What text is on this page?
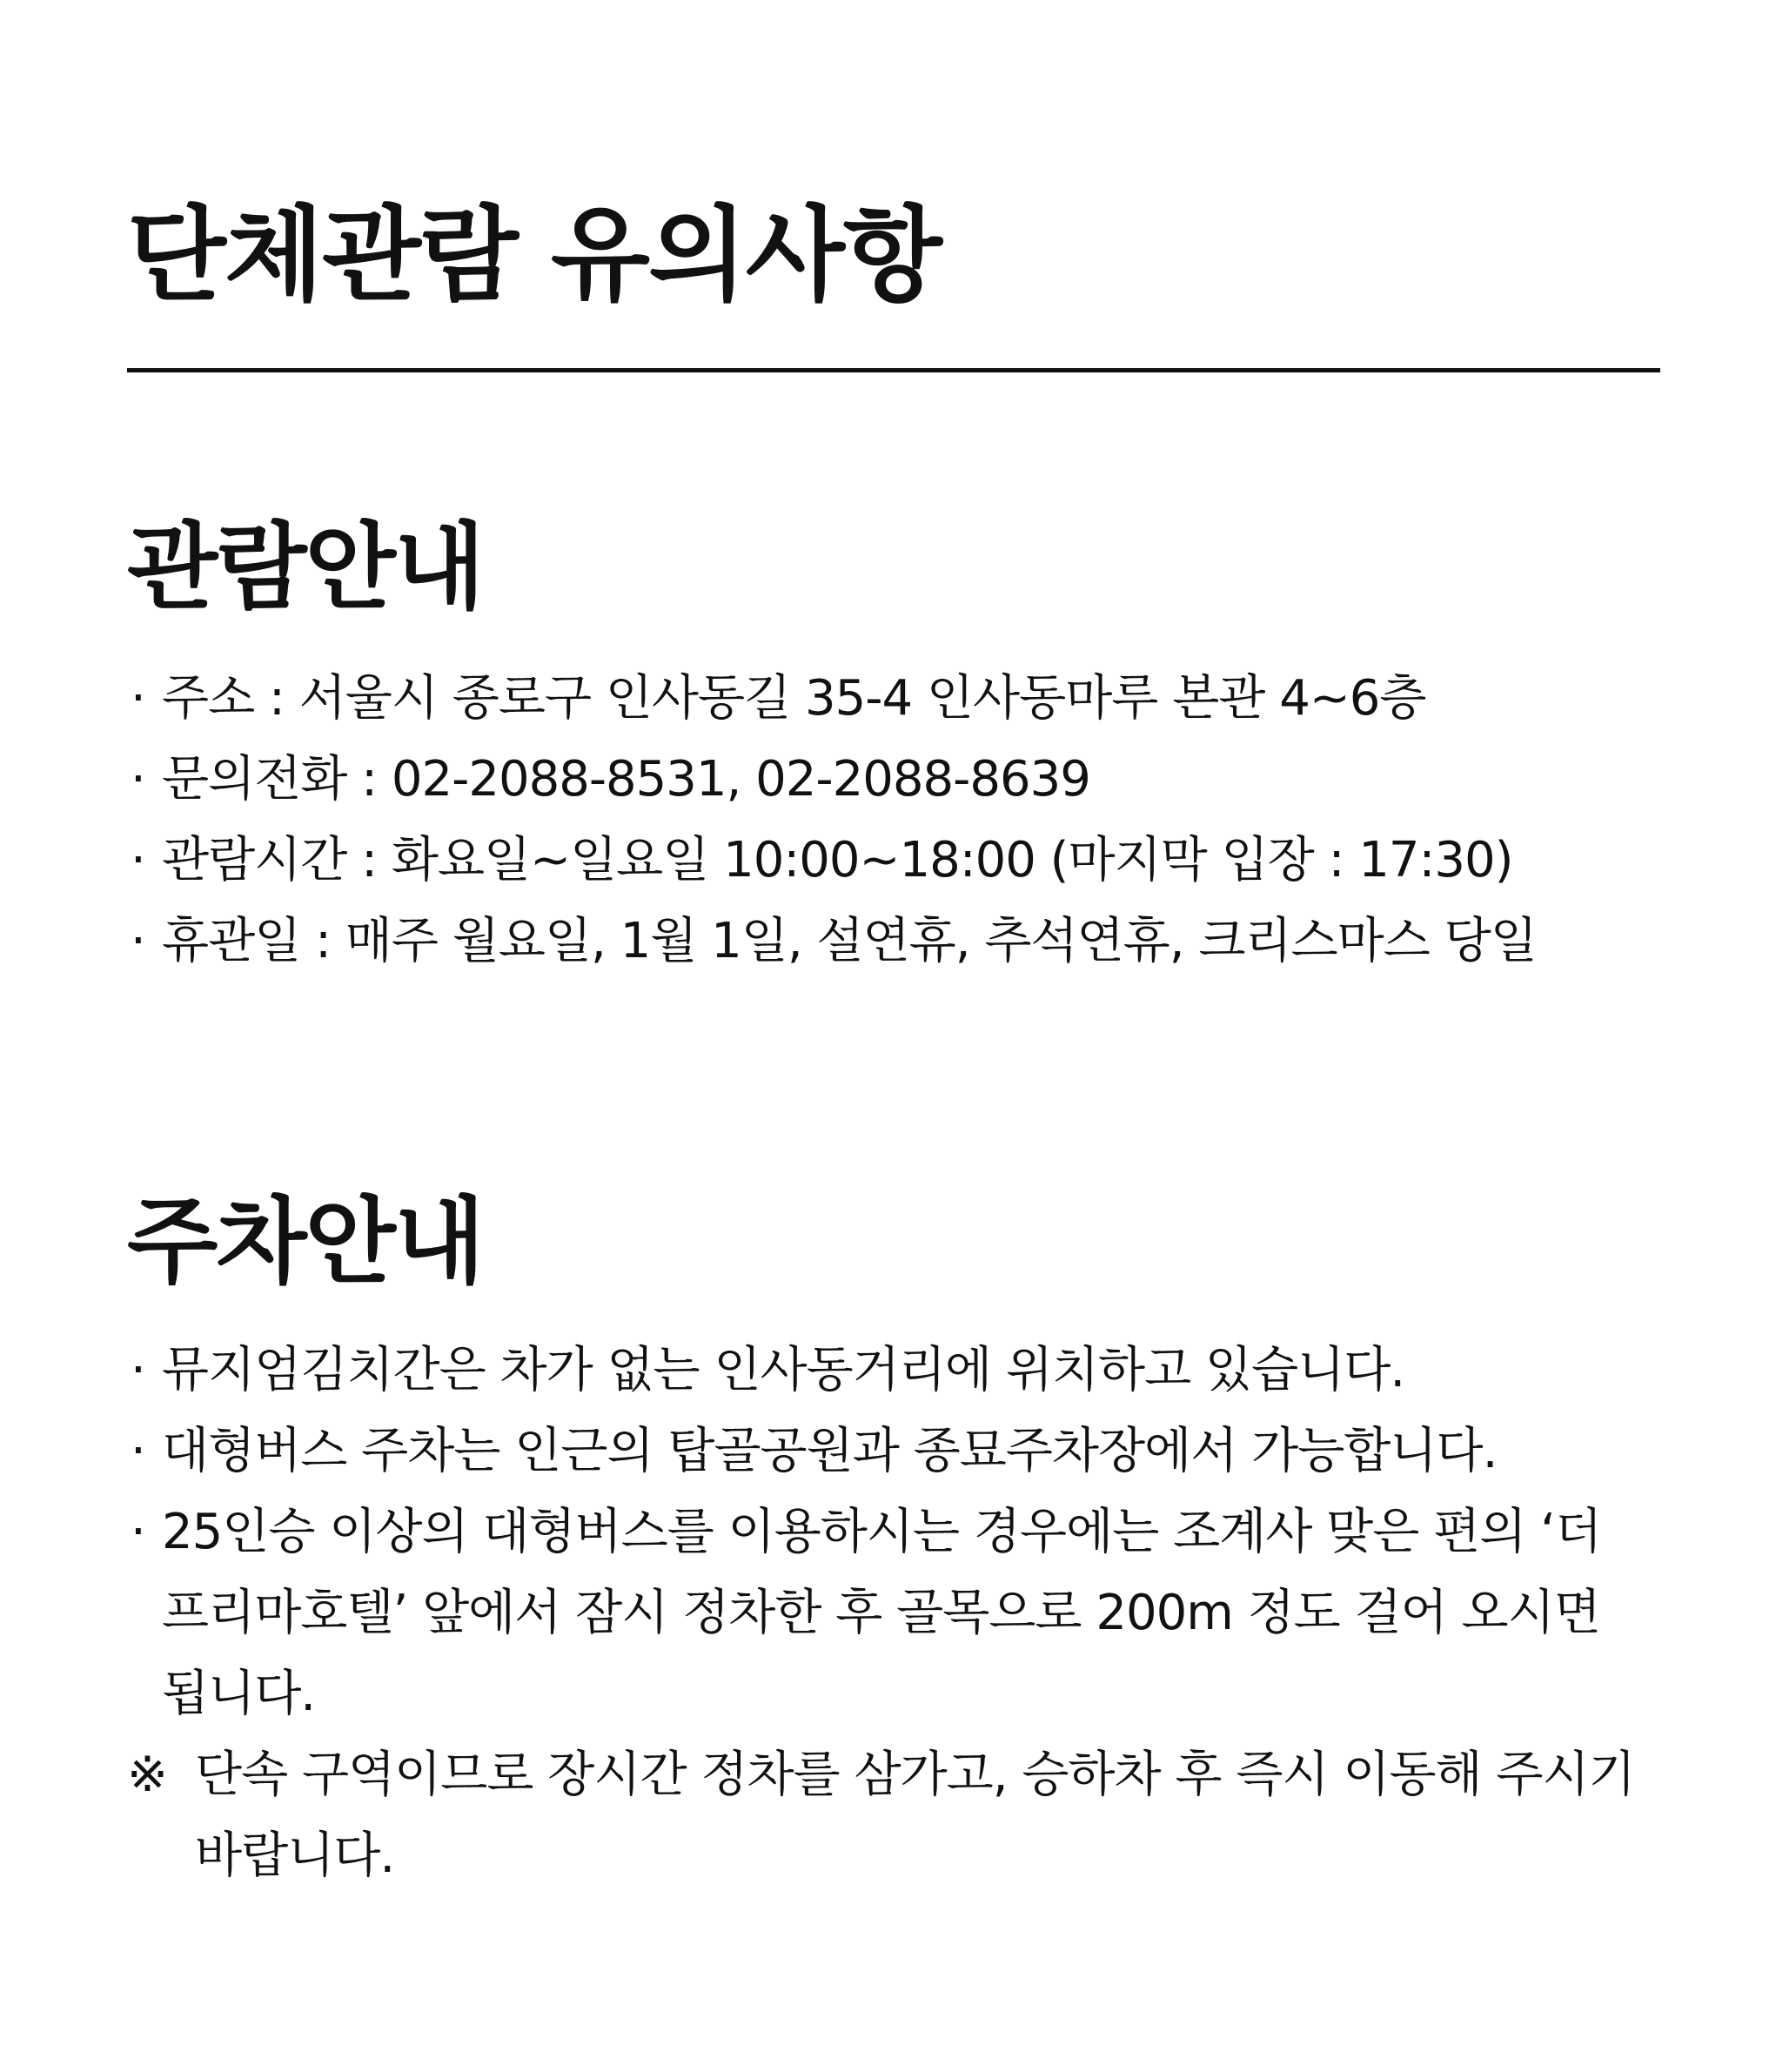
단체관람 유의사항
관람안내
· 주소 : 서울시 종로구 인사동길 35-4 인사동마루 본관 4~6층
· 문의전화 : 02-2088-8531, 02-2088-8639
· 관람시간 : 화요일~일요일 10:00~18:00 (마지막 입장 : 17:30)
· 휴관일 : 매주 월요일, 1월 1일, 설연휴, 추석연휴, 크리스마스 당일
주차안내
· 뮤지엄김치간은 차가 없는 인사동거리에 위치하고 있습니다.
· 대형버스 주차는 인근의 탑골공원과 종묘주차장에서 가능합니다.
· 25인승 이상의 대형버스를 이용하시는 경우에는 조계사 맞은 편의 ‘더프리마호텔’ 앞에서 잠시 정차한 후 골목으로 200m 정도 걸어 오시면 됩니다.
※ 단속 구역이므로 장시간 정차를 삼가고, 승하차 후 즉시 이동해 주시기 바랍니다.
